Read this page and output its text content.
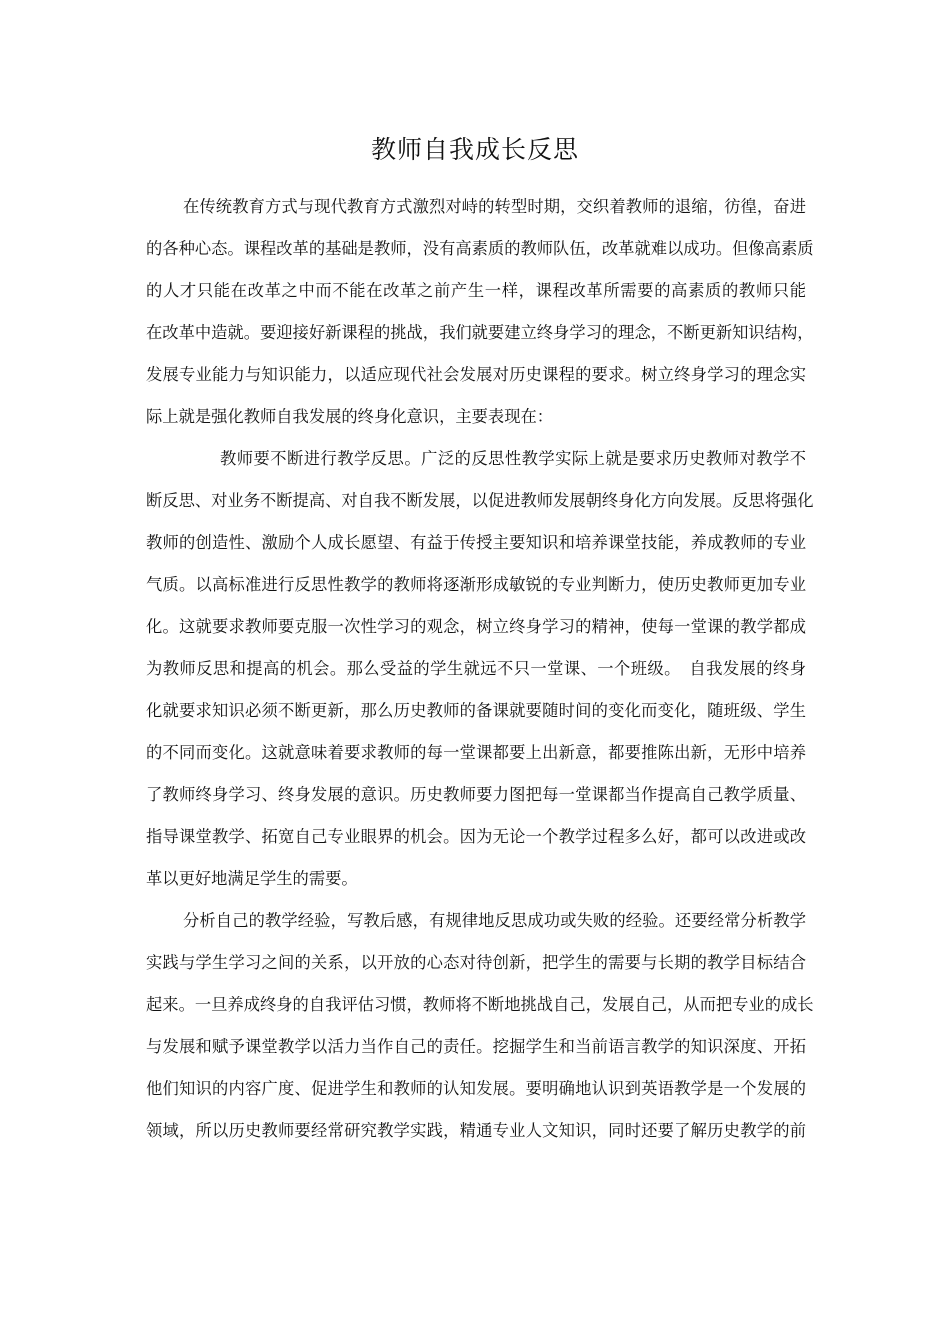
教师自我成长反思
在传统教育方式与现代教育方式激烈对峙的转型时期，交织着教师的退缩，彷徨，奋进
的各种心态。课程改革的基础是教师，没有高素质的教师队伍，改革就难以成功。但像高素质
的人才只能在改革之中而不能在改革之前产生一样，课程改革所需要的高素质的教师只能
在改革中造就。要迎接好新课程的挑战，我们就要建立终身学习的理念，不断更新知识结构，
发展专业能力与知识能力，以适应现代社会发展对历史课程的要求。树立终身学习的理念实
际上就是强化教师自我发展的终身化意识，主要表现在：
教师要不断进行教学反思。广泛的反思性教学实际上就是要求历史教师对教学不
断反思、对业务不断提高、对自我不断发展，以促进教师发展朝终身化方向发展。反思将强化
教师的创造性、激励个人成长愿望、有益于传授主要知识和培养课堂技能，养成教师的专业
气质。以高标准进行反思性教学的教师将逐渐形成敏锐的专业判断力，使历史教师更加专业
化。这就要求教师要克服一次性学习的观念，树立终身学习的精神，使每一堂课的教学都成
为教师反思和提高的机会。那么受益的学生就远不只一堂课、一个班级。　自我发展的终身
化就要求知识必须不断更新，那么历史教师的备课就要随时间的变化而变化，随班级、学生
的不同而变化。这就意味着要求教师的每一堂课都要上出新意，都要推陈出新，无形中培养
了教师终身学习、终身发展的意识。历史教师要力图把每一堂课都当作提高自己教学质量、
指导课堂教学、拓宽自己专业眼界的机会。因为无论一个教学过程多么好，都可以改进或改
革以更好地满足学生的需要。
分析自己的教学经验，写教后感，有规律地反思成功或失败的经验。还要经常分析教学
实践与学生学习之间的关系，以开放的心态对待创新，把学生的需要与长期的教学目标结合
起来。一旦养成终身的自我评估习惯，教师将不断地挑战自己，发展自己，从而把专业的成长
与发展和赋予课堂教学以活力当作自己的责任。挖掘学生和当前语言教学的知识深度、开拓
他们知识的内容广度、促进学生和教师的认知发展。要明确地认识到英语教学是一个发展的
领域，所以历史教师要经常研究教学实践，精通专业人文知识，同时还要了解历史教学的前
